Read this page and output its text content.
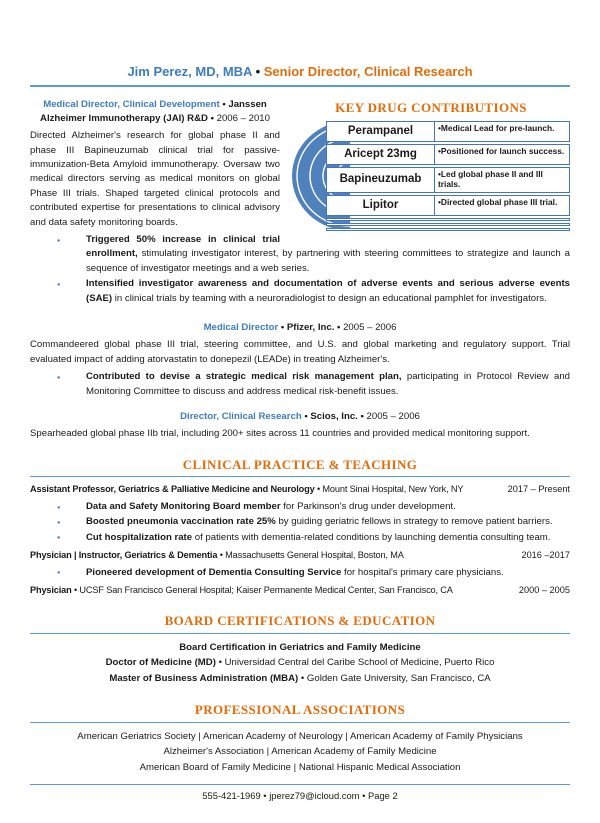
Jim Perez, MD, MBA • Senior Director, Clinical Research
KEY DRUG CONTRIBUTIONS
Perampanel	•Medical Lead for pre-launch.
Aricept 23mg	•Positioned for launch success.
Bapineuzumab	•Led global phase II and III trials.
Lipitor	•Directed global phase III trial.
Medical Director, Clinical Development • Janssen Alzheimer Immunotherapy (JAI) R&D • 2006 – 2010

Directed Alzheimer's research for global phase II and phase III Bapineuzumab clinical trial for passive-immunization-Beta Amyloid immunotherapy. Oversaw two medical directors serving as medical monitors on global Phase III trials. Shaped targeted clinical protocols and contributed expertise for presentations to clinical advisory and data safety monitoring boards.

● Triggered 50% increase in clinical trial enrollment, stimulating investigator interest, by partnering with steering committees to strategize and launch a sequence of investigator meetings and a web series.
● Intensified investigator awareness and documentation of adverse events and serious adverse events (SAE) in clinical trials by teaming with a neuroradiologist to design an educational pamphlet for investigators.
Medical Director • Pfizer, Inc. • 2005 – 2006

Commandeered global phase III trial, steering committee, and U.S. and global marketing and regulatory support. Trial evaluated impact of adding atorvastatin to donepezil (LEADe) in treating Alzheimer's.

● Contributed to devise a strategic medical risk management plan, participating in Protocol Review and Monitoring Committee to discuss and address medical risk-benefit issues.
Director, Clinical Research • Scios, Inc. • 2005 – 2006

Spearheaded global phase IIb trial, including 200+ sites across 11 countries and provided medical monitoring support.

CLINICAL PRACTICE & TEACHING
Assistant Professor, Geriatrics & Palliative Medicine and Neurology • Mount Sinai Hospital, New York, NY	2017 – Present
● Data and Safety Monitoring Board member for Parkinson's drug under development.
● Boosted pneumonia vaccination rate 25% by guiding geriatric fellows in strategy to remove patient barriers.
● Cut hospitalization rate of patients with dementia-related conditions by launching dementia consulting team.
Physician | Instructor, Geriatrics & Dementia • Massachusetts General Hospital, Boston, MA	2016 –2017
● Pioneered development of Dementia Consulting Service for hospital's primary care physicians.
Physician • UCSF San Francisco General Hospital; Kaiser Permanente Medical Center, San Francisco, CA	2000 – 2005
BOARD CERTIFICATIONS & EDUCATION
Board Certification in Geriatrics and Family Medicine
Doctor of Medicine (MD) • Universidad Central del Caribe School of Medicine, Puerto Rico
Master of Business Administration (MBA) • Golden Gate University, San Francisco, CA
PROFESSIONAL ASSOCIATIONS
American Geriatrics Society | American Academy of Neurology | American Academy of Family Physicians
Alzheimer's Association | American Academy of Family Medicine
American Board of Family Medicine | National Hispanic Medical Association
555-421-1969 • jperez79@icloud.com • Page 2
